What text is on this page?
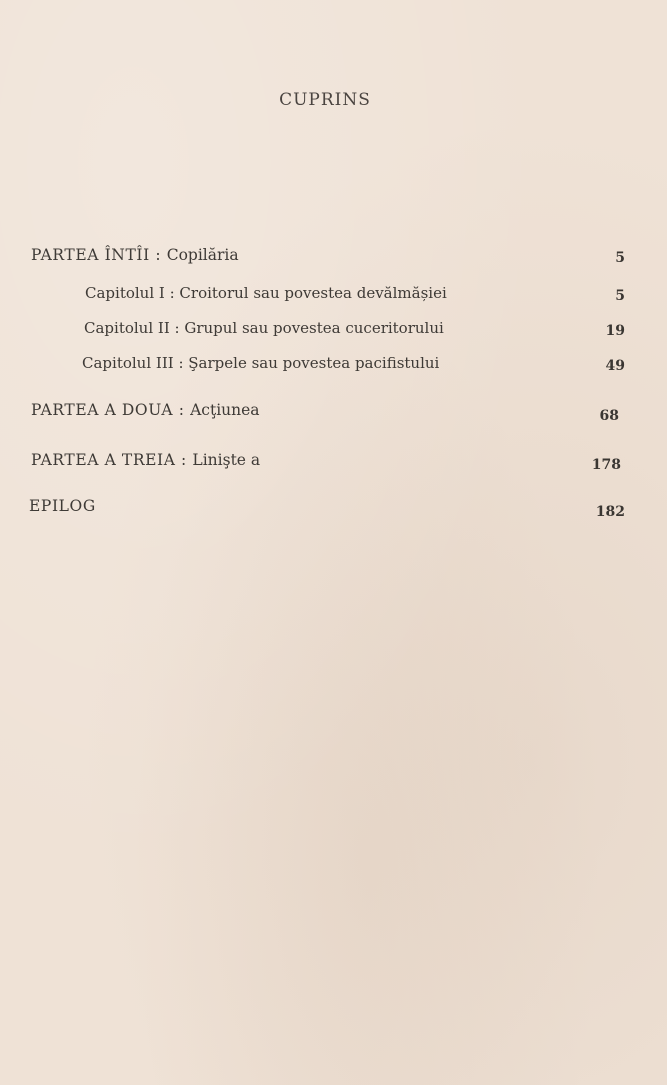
CUPRINS
PARTEA ÎNTÎI : Copilăria	5
Capitolul I : Croitorul sau povestea devălmășiei	5
Capitolul II : Grupul sau povestea cuceritorului	19
Capitolul III : Şarpele sau povestea pacifistului	49
PARTEA A DOUA : Acţiunea	68
PARTEA A TREIA : Linişte a	178
EPILOG	182
